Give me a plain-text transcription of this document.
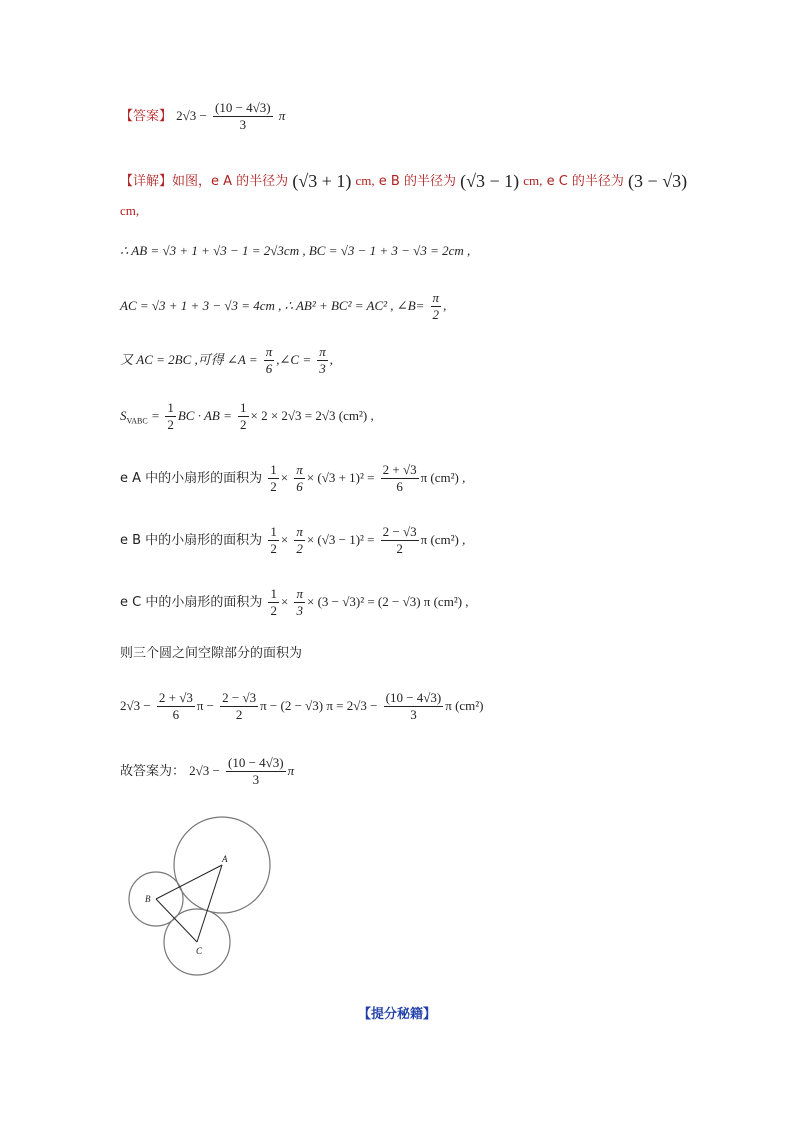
【答案】 $2√3 - \frac{(10 - 4√3)}{3}$ π
【详解】如图，e A 的半径为 (√3 + 1) cm, e B 的半径为 (√3 − 1) cm, e C 的半径为 (3 − √3)
cm,
∴ AB = √3 + 1 + √3 − 1 = 2√3cm , BC = √3 − 1 + 3 − √3 = 2cm ,
AC = √3 + 1 + 3 − √3 = 4cm , ∴ AB² + BC² = AC² , ∠B= $\frac{\pi}{2}$ ,
又 AC = 2BC ,可得 ∠A = $\frac{\pi}{6}$ ,∠C = $\frac{\pi}{3}$ ,
$S_{VABC} = \frac{1}{2}$ BC · AB = $\frac{1}{2} \times 2 \times 2√3 = 2√3$ (cm²) ,
e A 中的小扇形的面积为 $\frac{1}{2} \times \frac{\pi}{6} \times (√3 + 1)^2 = \frac{2 + √3}{6}$ π (cm²) ,
e B 中的小扇形的面积为 $\frac{1}{2} \times \frac{\pi}{2} \times (√3 - 1)^2 = \frac{2 - √3}{2}$ π (cm²) ,
e C 中的小扇形的面积为 $\frac{1}{2} \times \frac{\pi}{3} \times (3 - √3)^2 = (2 - √3)$ π (cm²) ,
则三个圆之间空隙部分的面积为
$2√3 - \frac{2 + √3}{6}$ $\pi - \frac{2 - √3}{2}$ π − (2 − √3) $\pi = 2√3 - \frac{(10 - 4√3)}{3}$ π (cm²)
故答案为： $2√3 - \frac{(10 - 4√3)}{3}$ π
A
B
C
【提分秘籍】
